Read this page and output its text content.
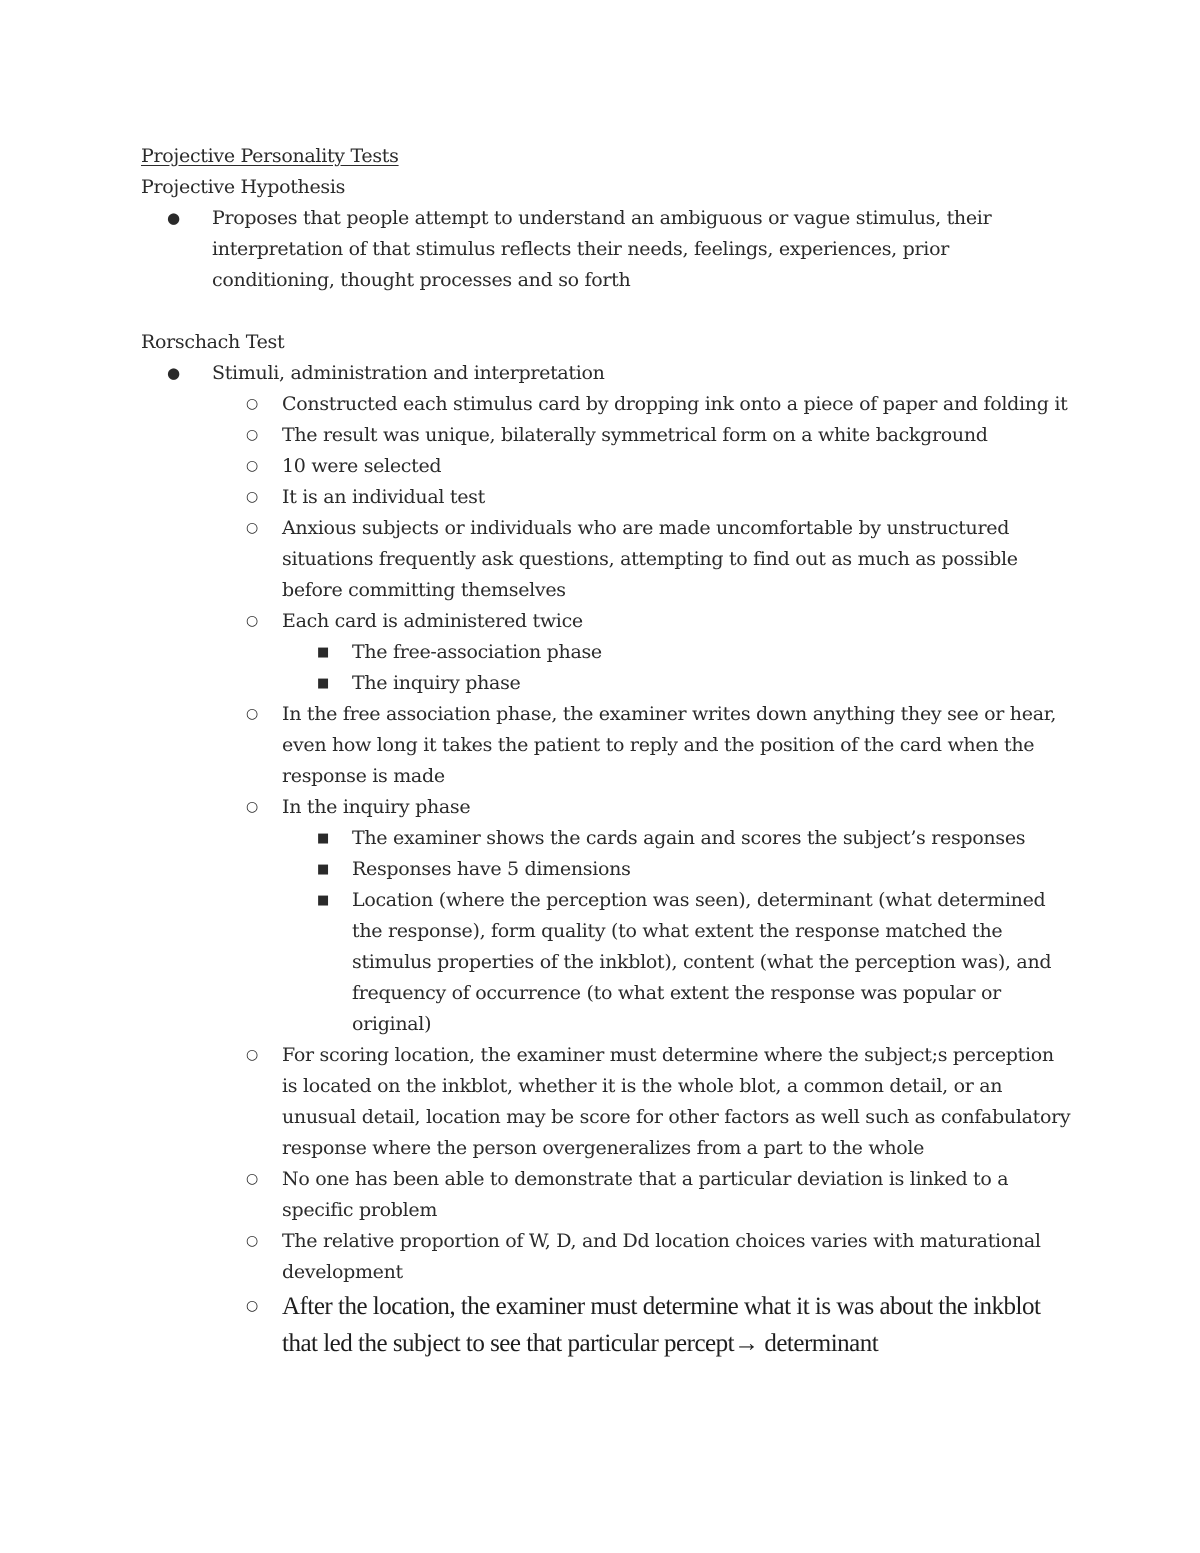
Projective Personality Tests

Projective Hypothesis

● Proposes that people attempt to understand an ambiguous or vague stimulus, their interpretation of that stimulus reflects their needs, feelings, experiences, prior conditioning, thought processes and so forth

Rorschach Test

● Stimuli, administration and interpretation
○ Constructed each stimulus card by dropping ink onto a piece of paper and folding it
○ The result was unique, bilaterally symmetrical form on a white background
○ 10 were selected
○ It is an individual test
○ Anxious subjects or individuals who are made uncomfortable by unstructured situations frequently ask questions, attempting to find out as much as possible before committing themselves
○ Each card is administered twice
■ The free-association phase
■ The inquiry phase
○ In the free association phase, the examiner writes down anything they see or hear, even how long it takes the patient to reply and the position of the card when the response is made
○ In the inquiry phase
■ The examiner shows the cards again and scores the subject’s responses
■ Responses have 5 dimensions
■ Location (where the perception was seen), determinant (what determined the response), form quality (to what extent the response matched the stimulus properties of the inkblot), content (what the perception was), and frequency of occurrence (to what extent the response was popular or original)
○ For scoring location, the examiner must determine where the subject;s perception is located on the inkblot, whether it is the whole blot, a common detail, or an unusual detail, location may be score for other factors as well such as confabulatory response where the person overgeneralizes from a part to the whole
○ No one has been able to demonstrate that a particular deviation is linked to a specific problem
○ The relative proportion of W, D, and Dd location choices varies with maturational development
○ After the location, the examiner must determine what it is was about the inkblot that led the subject to see that particular percept→ determinant
